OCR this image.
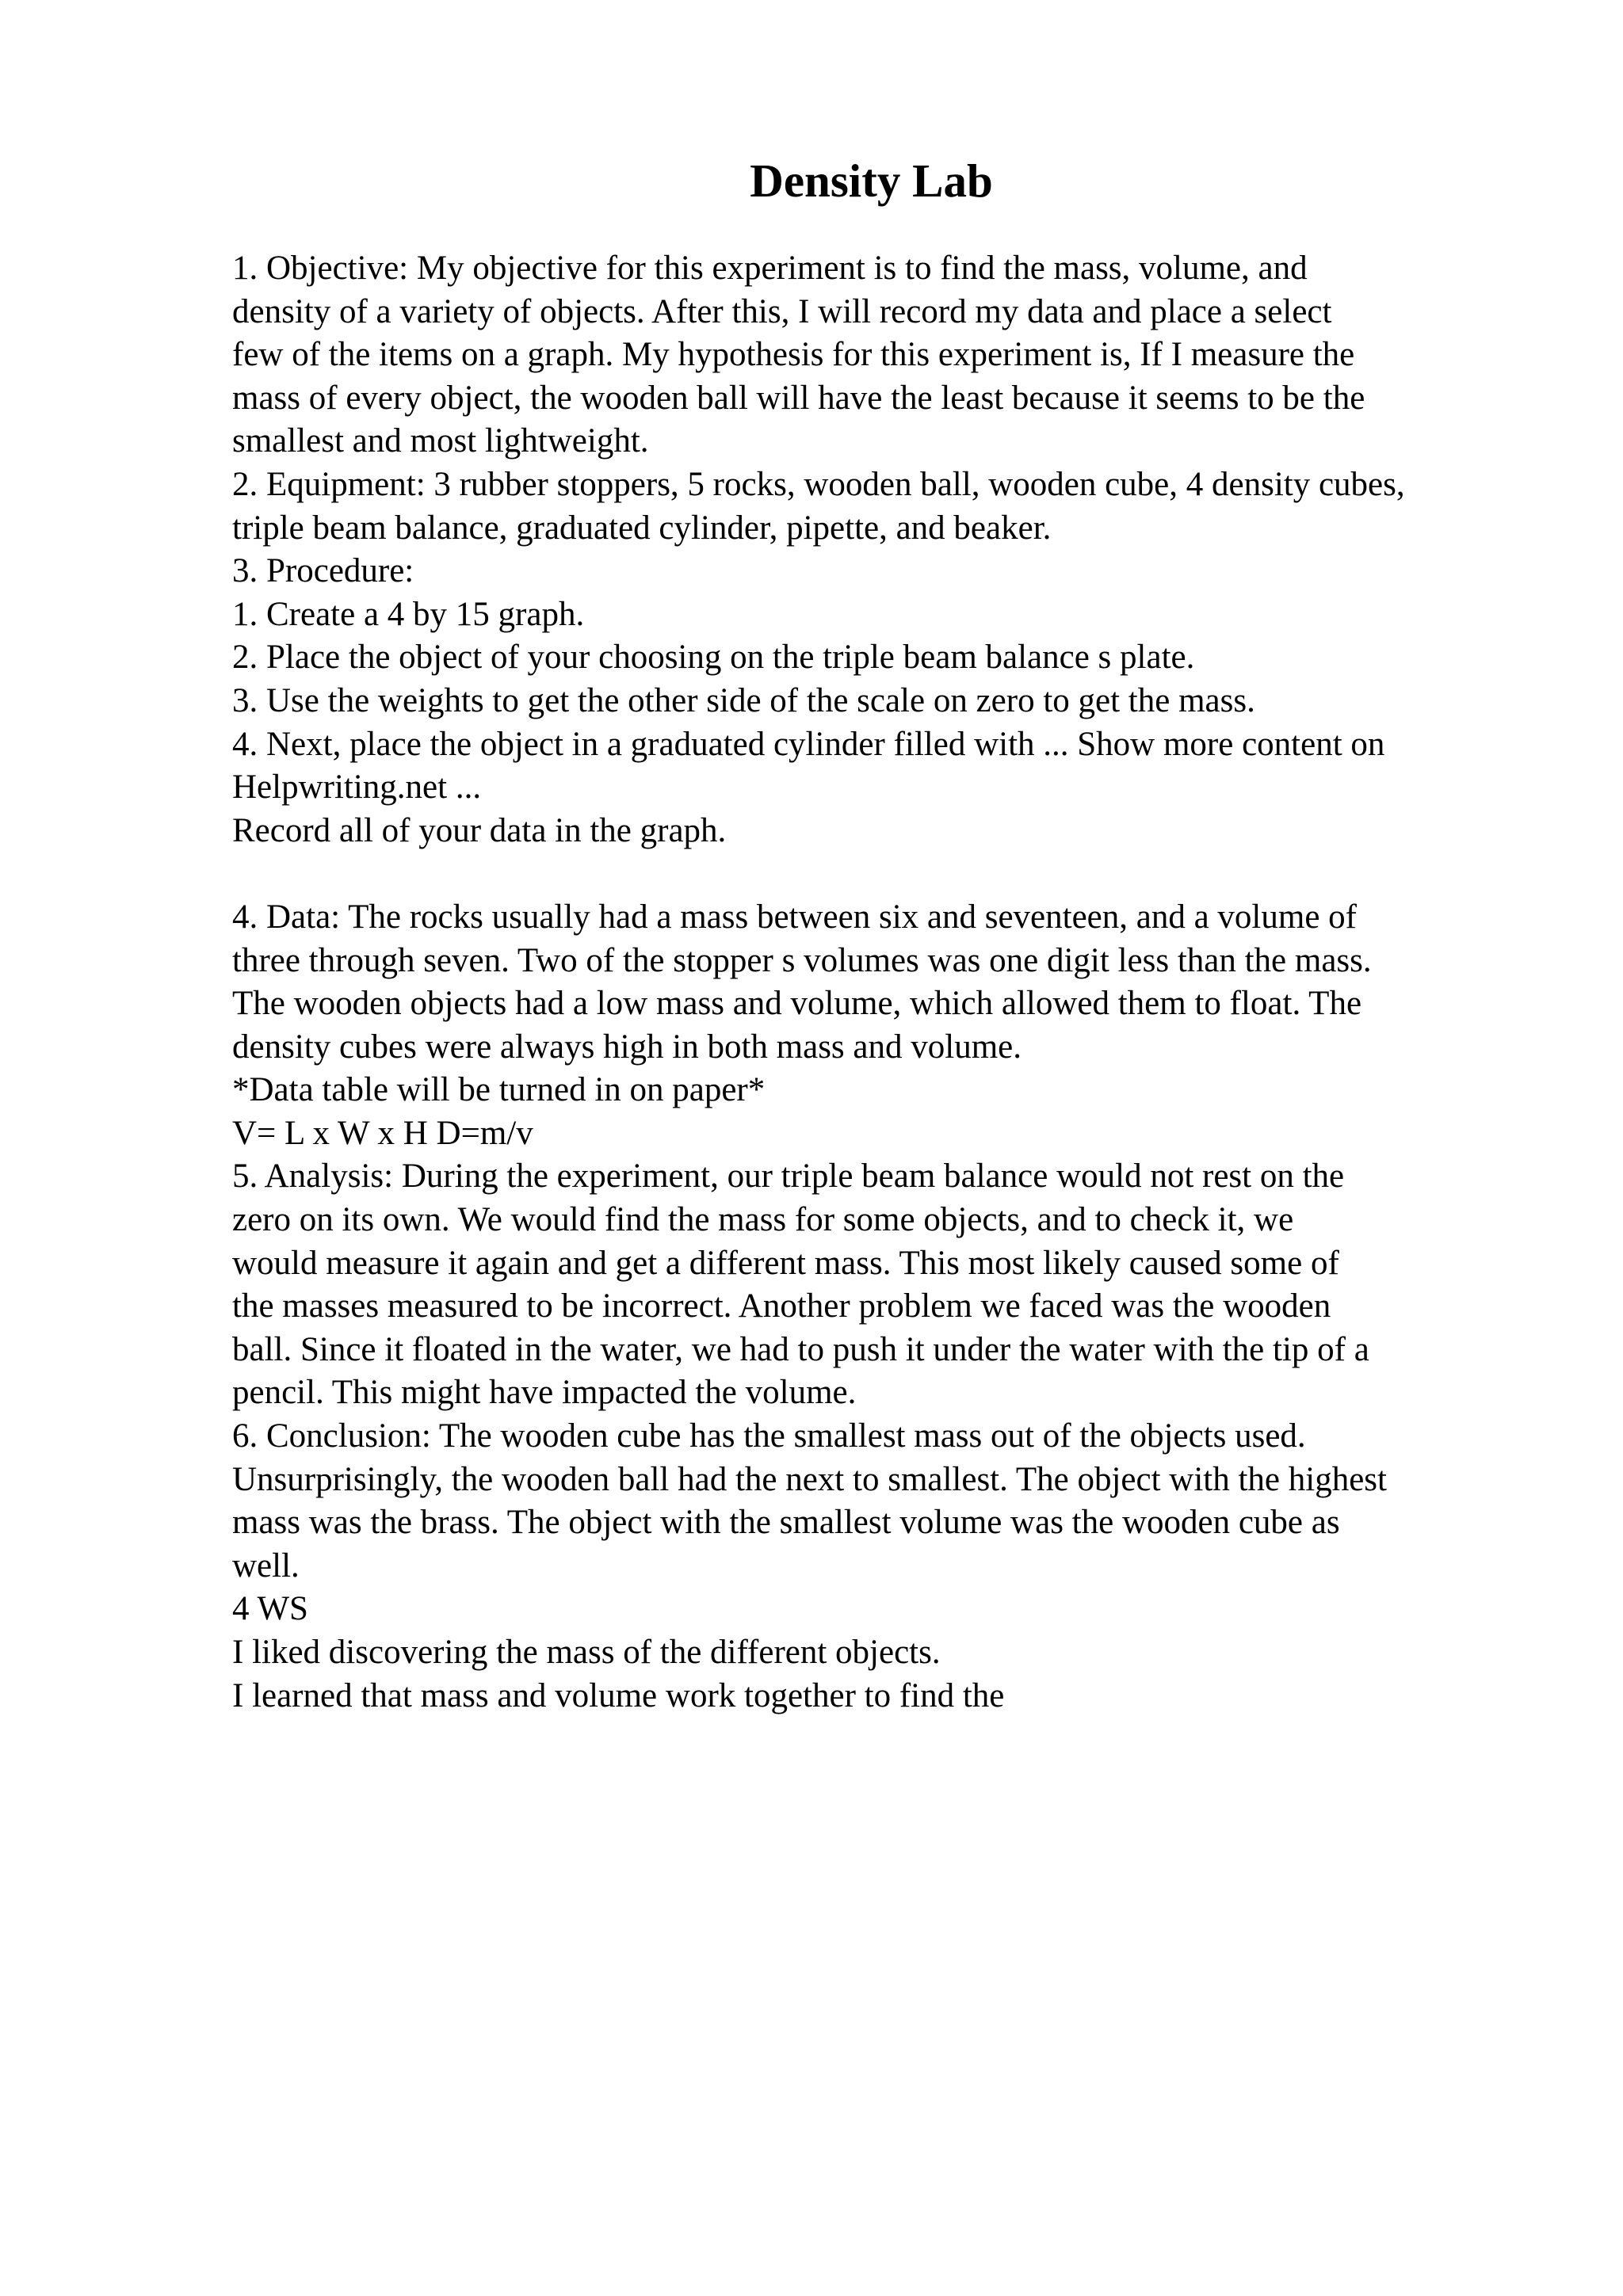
Density Lab
1. Objective: My objective for this experiment is to find the mass, volume, and
density of a variety of objects. After this, I will record my data and place a select
few of the items on a graph. My hypothesis for this experiment is, If I measure the
mass of every object, the wooden ball will have the least because it seems to be the
smallest and most lightweight.
2. Equipment: 3 rubber stoppers, 5 rocks, wooden ball, wooden cube, 4 density cubes,
triple beam balance, graduated cylinder, pipette, and beaker.
3. Procedure:
1. Create a 4 by 15 graph.
2. Place the object of your choosing on the triple beam balance s plate.
3. Use the weights to get the other side of the scale on zero to get the mass.
4. Next, place the object in a graduated cylinder filled with ... Show more content on
Helpwriting.net ...
Record all of your data in the graph.
4. Data: The rocks usually had a mass between six and seventeen, and a volume of
three through seven. Two of the stopper s volumes was one digit less than the mass.
The wooden objects had a low mass and volume, which allowed them to float. The
density cubes were always high in both mass and volume.
*Data table will be turned in on paper*
V= L x W x H D=m/v
5. Analysis: During the experiment, our triple beam balance would not rest on the
zero on its own. We would find the mass for some objects, and to check it, we
would measure it again and get a different mass. This most likely caused some of
the masses measured to be incorrect. Another problem we faced was the wooden
ball. Since it floated in the water, we had to push it under the water with the tip of a
pencil. This might have impacted the volume.
6. Conclusion: The wooden cube has the smallest mass out of the objects used.
Unsurprisingly, the wooden ball had the next to smallest. The object with the highest
mass was the brass. The object with the smallest volume was the wooden cube as
well.
4 WS
I liked discovering the mass of the different objects.
I learned that mass and volume work together to find the
